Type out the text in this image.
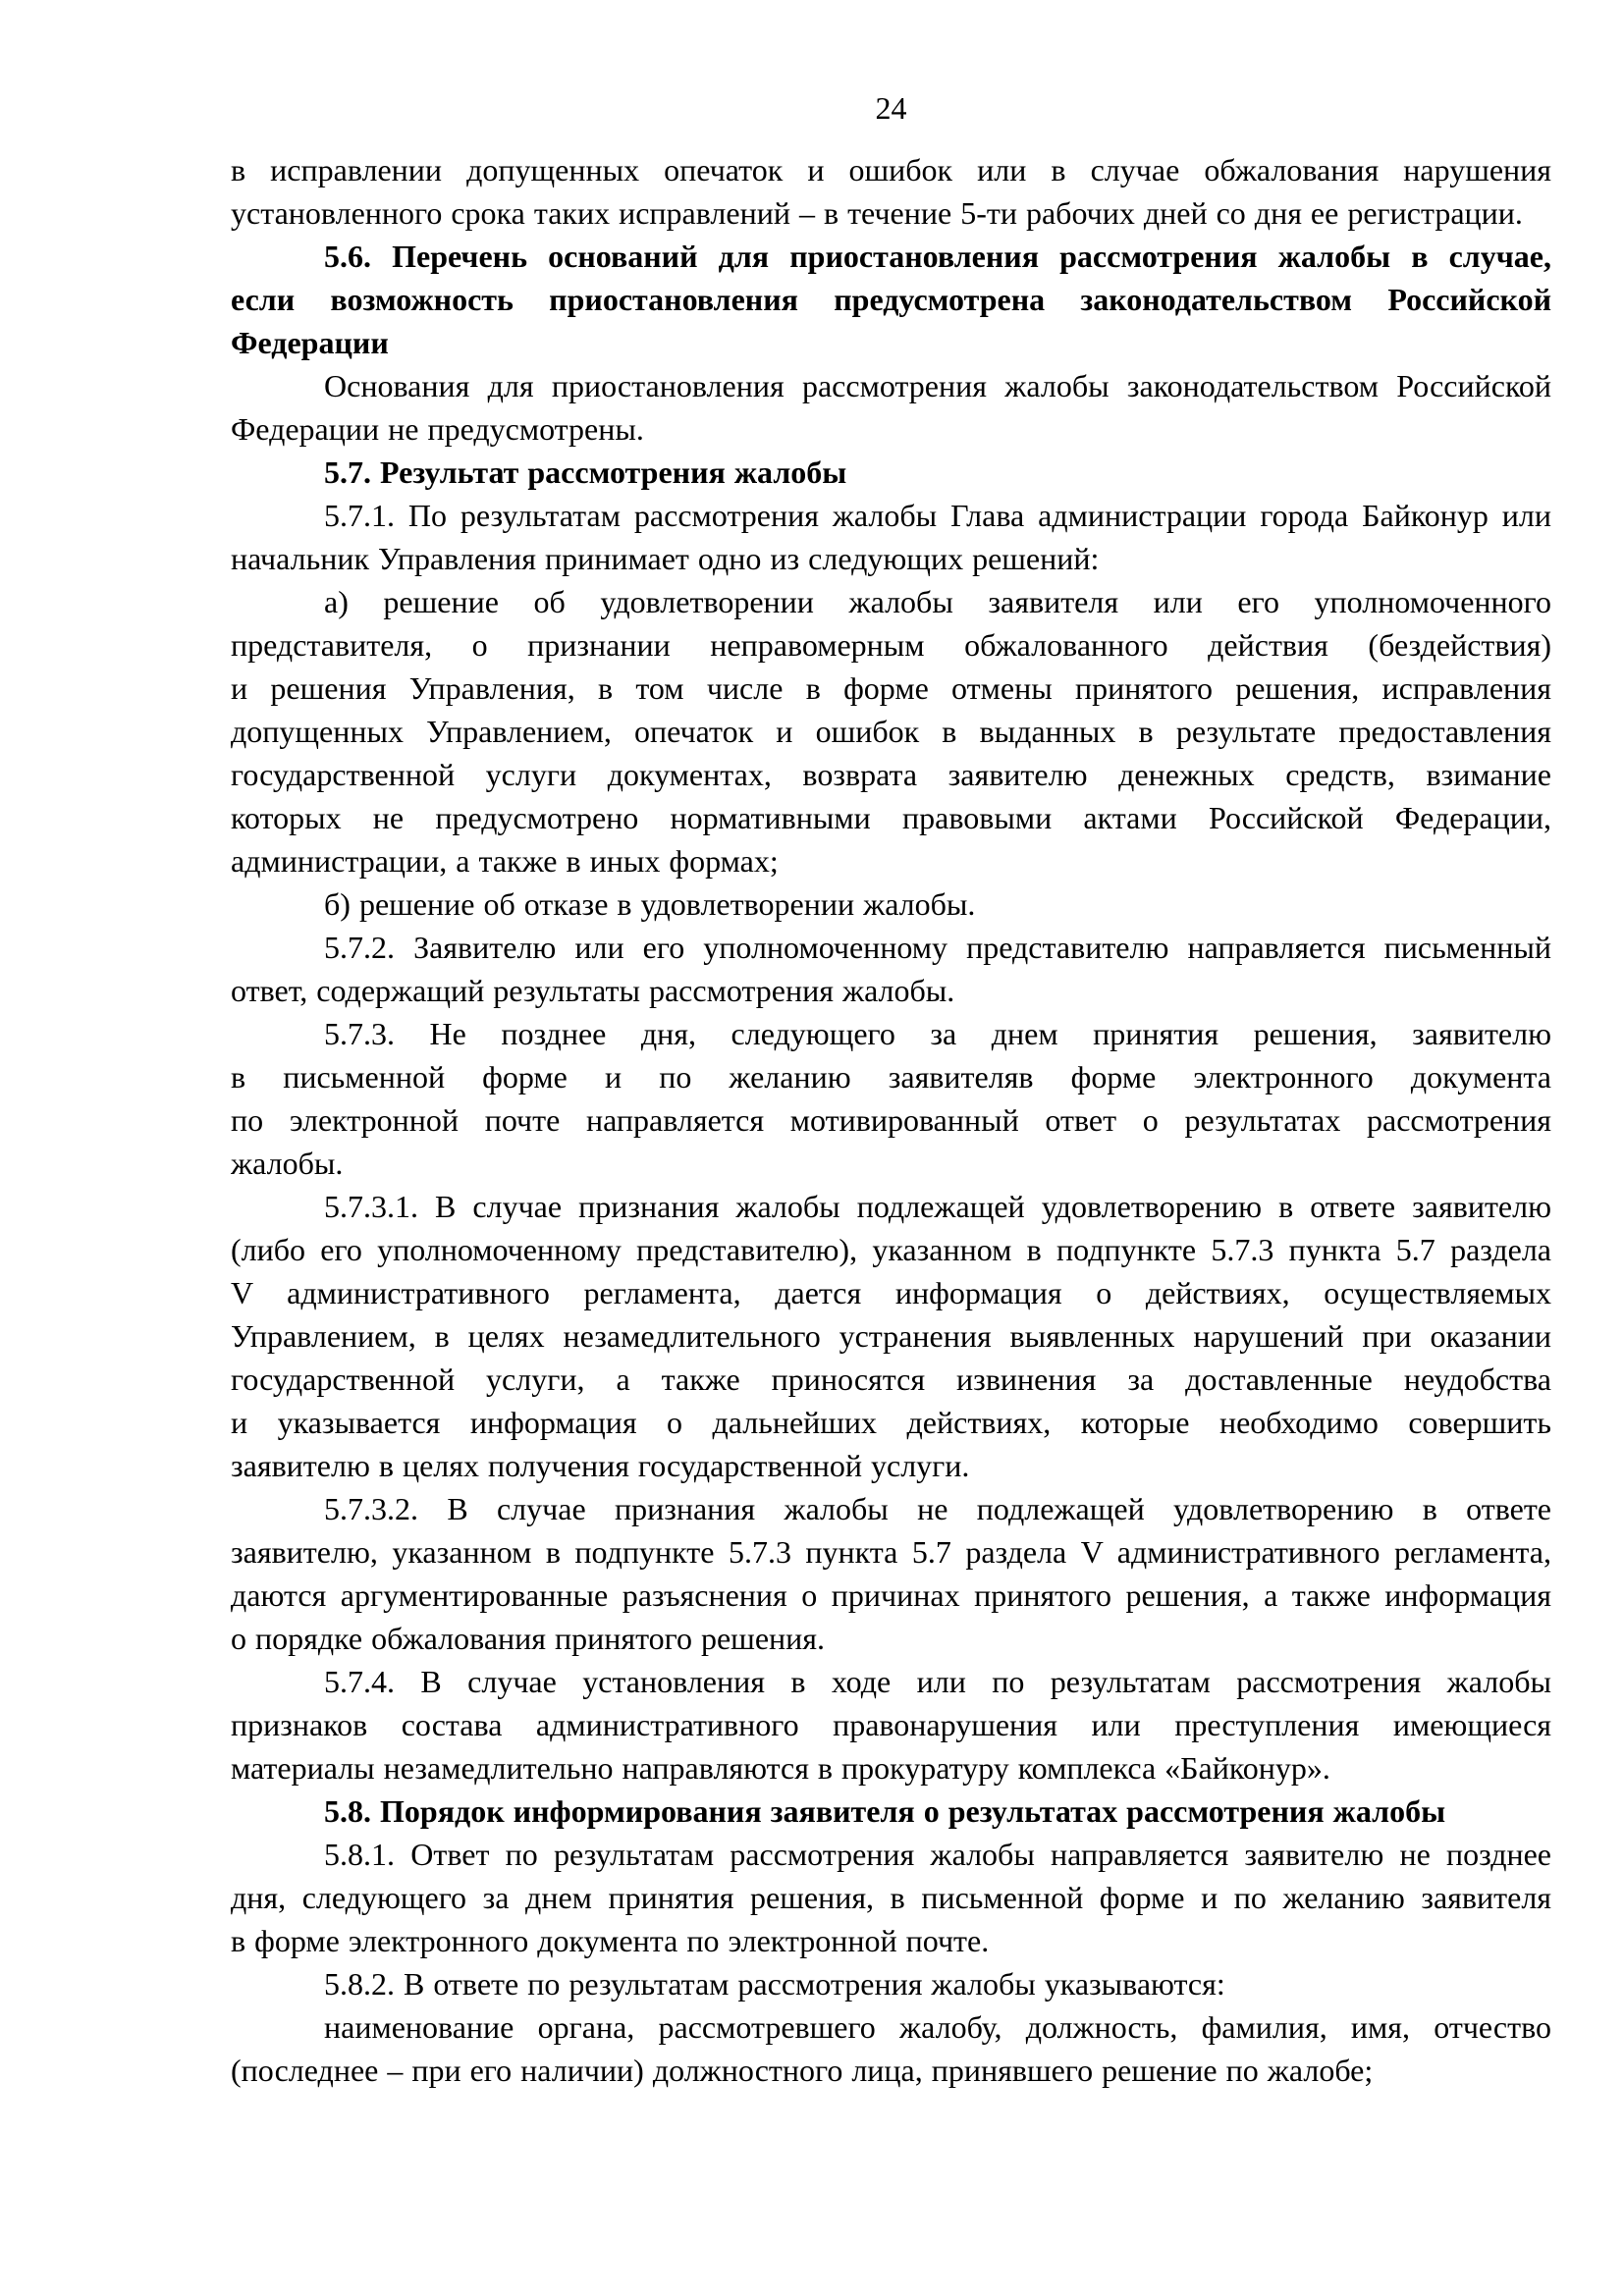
24
в исправлении допущенных опечаток и ошибок или в случае обжалования нарушения
установленного срока таких исправлений – в течение 5-ти рабочих дней со дня ее регистрации.
5.6. Перечень оснований для приостановления рассмотрения жалобы в случае,
если возможность приостановления предусмотрена законодательством Российской
Федерации
Основания для приостановления рассмотрения жалобы законодательством Российской
Федерации не предусмотрены.
5.7. Результат рассмотрения жалобы
5.7.1. По результатам рассмотрения жалобы Глава администрации города Байконур или
начальник Управления принимает одно из следующих решений:
а) решение об удовлетворении жалобы заявителя или его уполномоченного
представителя, о признании неправомерным обжалованного действия (бездействия)
и решения Управления, в том числе в форме отмены принятого решения, исправления
допущенных Управлением, опечаток и ошибок в выданных в результате предоставления
государственной услуги документах, возврата заявителю денежных средств, взимание
которых не предусмотрено нормативными правовыми актами Российской Федерации,
администрации, а также в иных формах;
б) решение об отказе в удовлетворении жалобы.
5.7.2. Заявителю или его уполномоченному представителю направляется письменный
ответ, содержащий результаты рассмотрения жалобы.
5.7.3. Не позднее дня, следующего за днем принятия решения, заявителю
в письменной форме и по желанию заявителяв форме электронного документа
по электронной почте направляется мотивированный ответ о результатах рассмотрения
жалобы.
5.7.3.1. В случае признания жалобы подлежащей удовлетворению в ответе заявителю
(либо его уполномоченному представителю), указанном в подпункте 5.7.3 пункта 5.7 раздела
V административного регламента, дается информация о действиях, осуществляемых
Управлением, в целях незамедлительного устранения выявленных нарушений при оказании
государственной услуги, а также приносятся извинения за доставленные неудобства
и указывается информация о дальнейших действиях, которые необходимо совершить
заявителю в целях получения государственной услуги.
5.7.3.2. В случае признания жалобы не подлежащей удовлетворению в ответе
заявителю, указанном в подпункте 5.7.3 пункта 5.7 раздела V административного регламента,
даются аргументированные разъяснения о причинах принятого решения, а также информация
о порядке обжалования принятого решения.
5.7.4. В случае установления в ходе или по результатам рассмотрения жалобы
признаков состава административного правонарушения или преступления имеющиеся
материалы незамедлительно направляются в прокуратуру комплекса «Байконур».
5.8. Порядок информирования заявителя о результатах рассмотрения жалобы
5.8.1. Ответ по результатам рассмотрения жалобы направляется заявителю не позднее
дня, следующего за днем принятия решения, в письменной форме и по желанию заявителя
в форме электронного документа по электронной почте.
5.8.2. В ответе по результатам рассмотрения жалобы указываются:
наименование органа, рассмотревшего жалобу, должность, фамилия, имя, отчество
(последнее – при его наличии) должностного лица, принявшего решение по жалобе;
